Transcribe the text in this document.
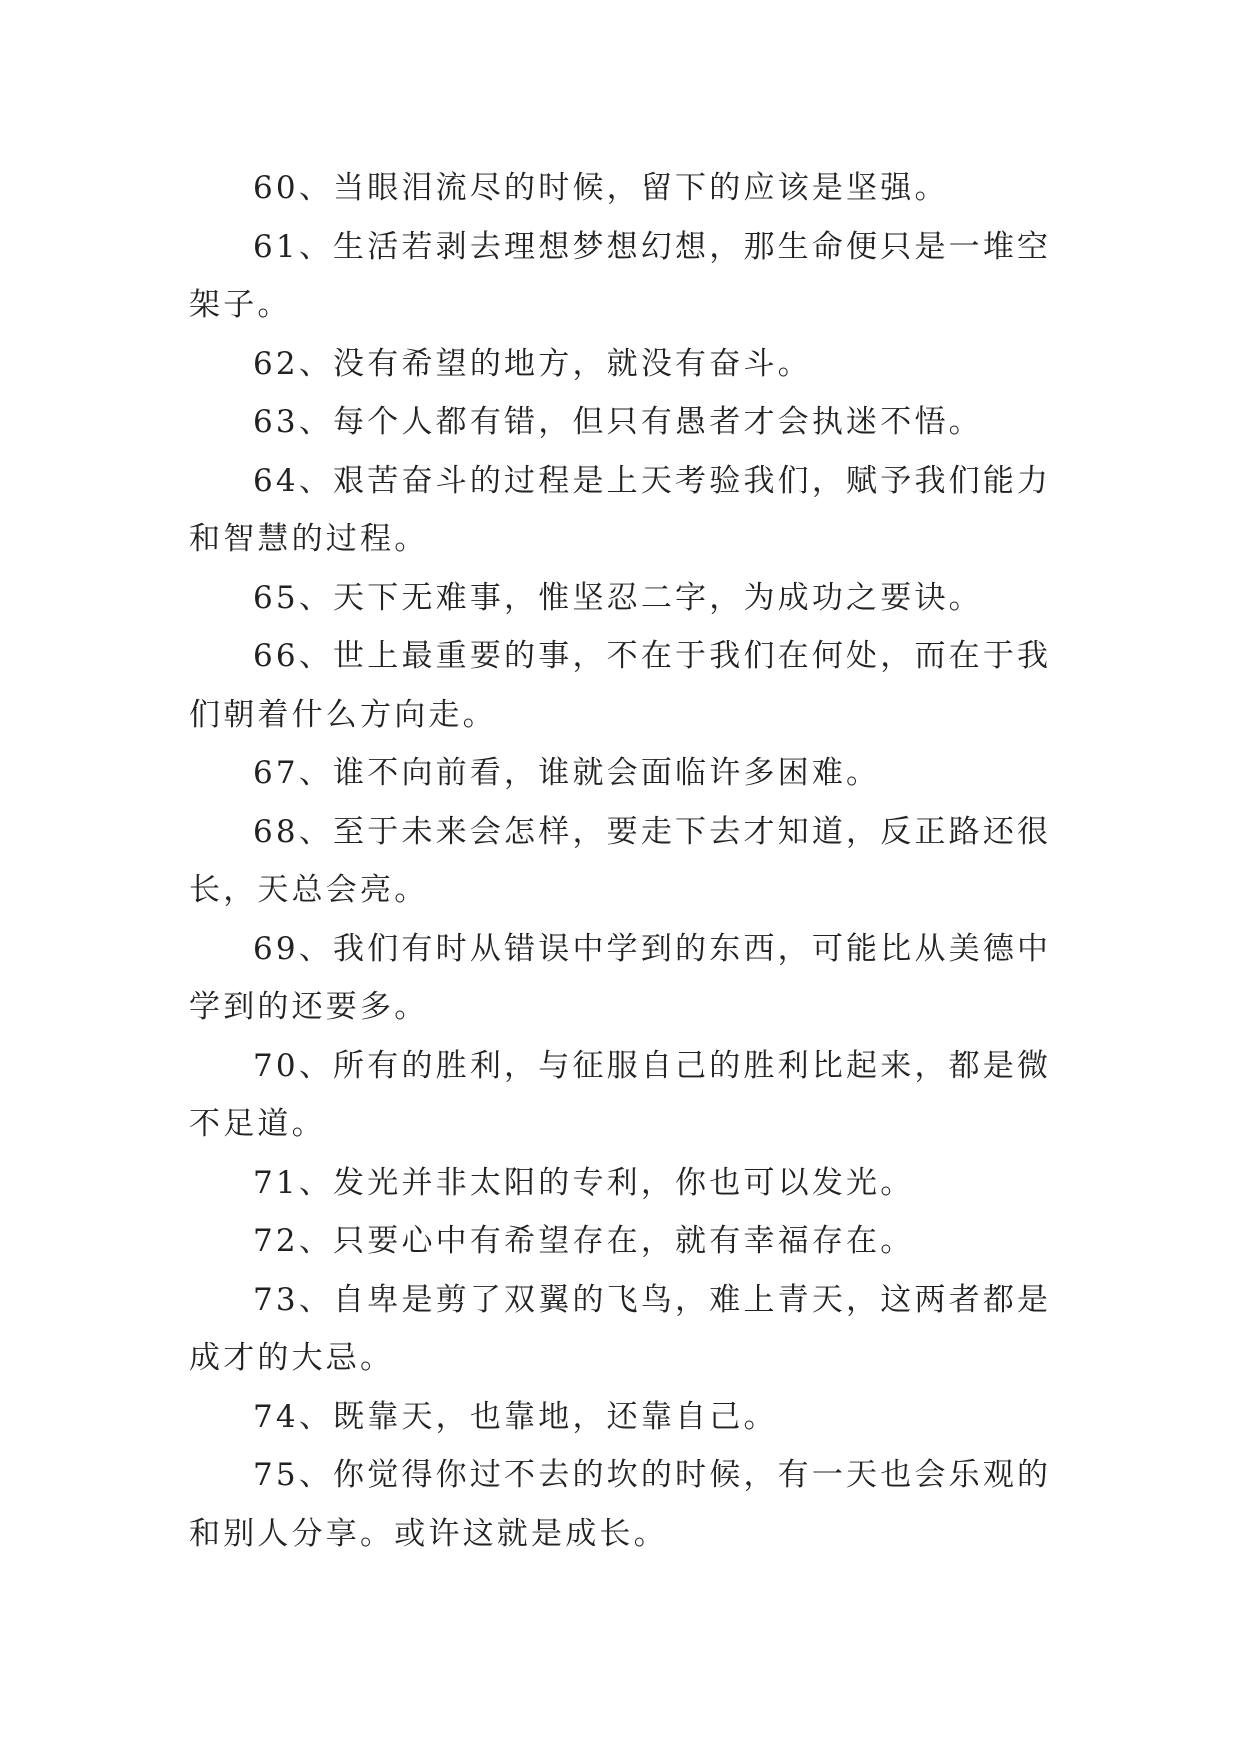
60、当眼泪流尽的时候，留下的应该是坚强。

61、生活若剥去理想梦想幻想，那生命便只是一堆空架子。

62、没有希望的地方，就没有奋斗。

63、每个人都有错，但只有愚者才会执迷不悟。

64、艰苦奋斗的过程是上天考验我们，赋予我们能力和智慧的过程。

65、天下无难事，惟坚忍二字，为成功之要诀。

66、世上最重要的事，不在于我们在何处，而在于我们朝着什么方向走。

67、谁不向前看，谁就会面临许多困难。

68、至于未来会怎样，要走下去才知道，反正路还很长，天总会亮。

69、我们有时从错误中学到的东西，可能比从美德中学到的还要多。

70、所有的胜利，与征服自己的胜利比起来，都是微不足道。

71、发光并非太阳的专利，你也可以发光。

72、只要心中有希望存在，就有幸福存在。

73、自卑是剪了双翼的飞鸟，难上青天，这两者都是成才的大忌。

74、既靠天，也靠地，还靠自己。

75、你觉得你过不去的坎的时候，有一天也会乐观的和别人分享。或许这就是成长。
